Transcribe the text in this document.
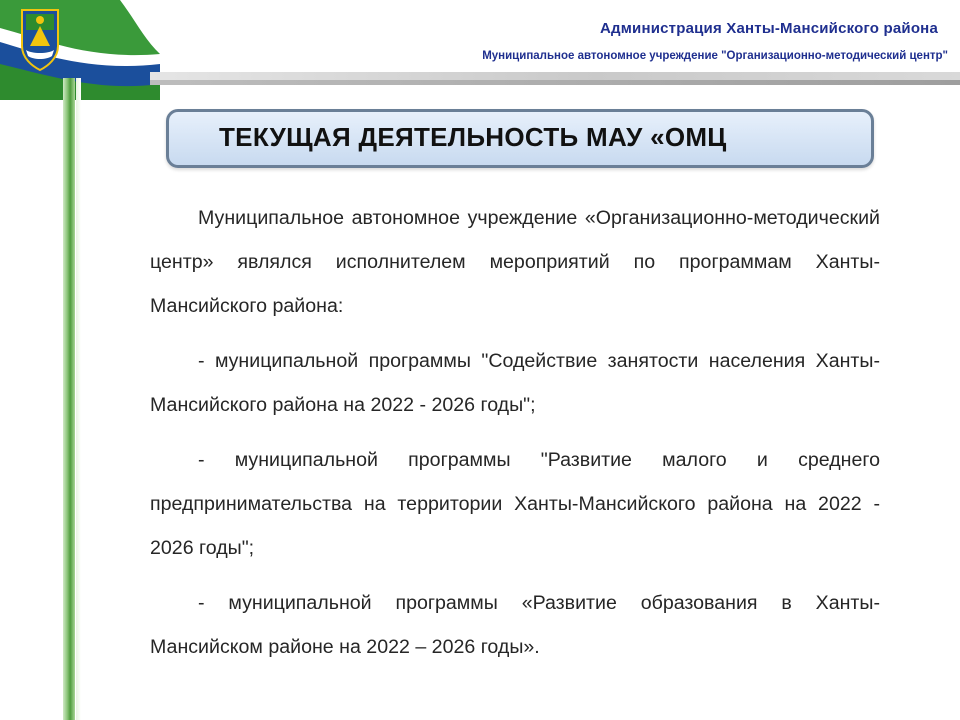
Администрация Ханты-Мансийского района
Муниципальное автономное учреждение "Организационно-методический центр"

ТЕКУЩАЯ ДЕЯТЕЛЬНОСТЬ МАУ «ОМЦ

Муниципальное автономное учреждение «Организационно-методический центр» являлся исполнителем мероприятий по программам Ханты-Мансийского района:

- муниципальной программы "Содействие занятости населения Ханты-Мансийского района на 2022 - 2026 годы";

- муниципальной программы "Развитие малого и среднего предпринимательства на территории Ханты-Мансийского района на 2022 - 2026 годы";

- муниципальной программы «Развитие образования в Ханты-Мансийском районе на 2022 – 2026 годы».
